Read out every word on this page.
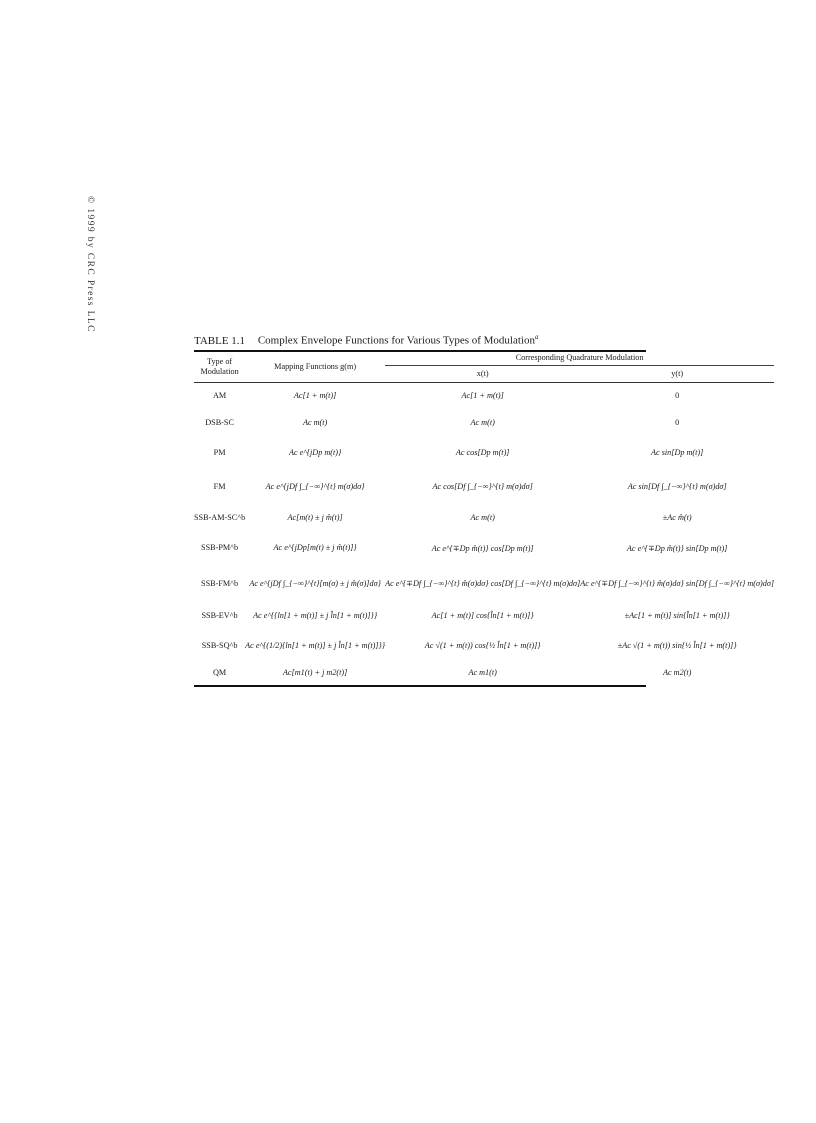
© 1999 by CRC Press LLC
TABLE 1.1 Complex Envelope Functions for Various Types of Modulation$^a$
Type of Modulation	Mapping Functions g(m)	Corresponding Quadrature Modulation	
		x(t)	y(t)

AM	Ac[1 + m(t)]	Ac[1 + m(t)]	0
DSB-SC	Ac m(t)	Ac m(t)	0
PM	Ac e^{jDp m(t)}	Ac cos[Dp m(t)]	Ac sin[Dp m(t)]
FM	Ac e^{jDf ∫_{−∞}^{t} m(σ)dσ}	Ac cos[Df ∫_{−∞}^{t} m(σ)dσ]	Ac sin[Df ∫_{−∞}^{t} m(σ)dσ]
SSB-AM-SC^b	Ac[m(t) ± j m̂(t)]	Ac m(t)	±Ac m̂(t)
SSB-PM^b	Ac e^{jDp[m(t) ± j m̂(t)]}	Ac e^{∓Dp m̂(t)} cos[Dp m(t)]	Ac e^{∓Dp m̂(t)} sin[Dp m(t)]
SSB-FM^b	Ac e^{jDf ∫_{−∞}^{t}[m(σ) ± j m̂(σ)]dσ}	Ac e^{∓Df ∫_{−∞}^{t} m̂(σ)dσ} cos[Df ∫_{−∞}^{t} m(σ)dσ]	Ac e^{∓Df ∫_{−∞}^{t} m̂(σ)dσ} sin[Df ∫_{−∞}^{t} m(σ)dσ]
SSB-EV^b	Ac e^{{ln[1 + m(t)] ± j l̂n[1 + m(t)]}}	Ac[1 + m(t)] cos{l̂n[1 + m(t)]}	±Ac[1 + m(t)] sin{l̂n[1 + m(t)]}
SSB-SQ^b	Ac e^{(1/2){ln[1 + m(t)] ± j l̂n[1 + m(t)]}}	Ac √(1 + m(t)) cos{½ l̂n[1 + m(t)]}	±Ac √(1 + m(t)) sin{½ l̂n[1 + m(t)]}
QM	Ac[m1(t) + j m2(t)]	Ac m1(t)	Ac m2(t)
